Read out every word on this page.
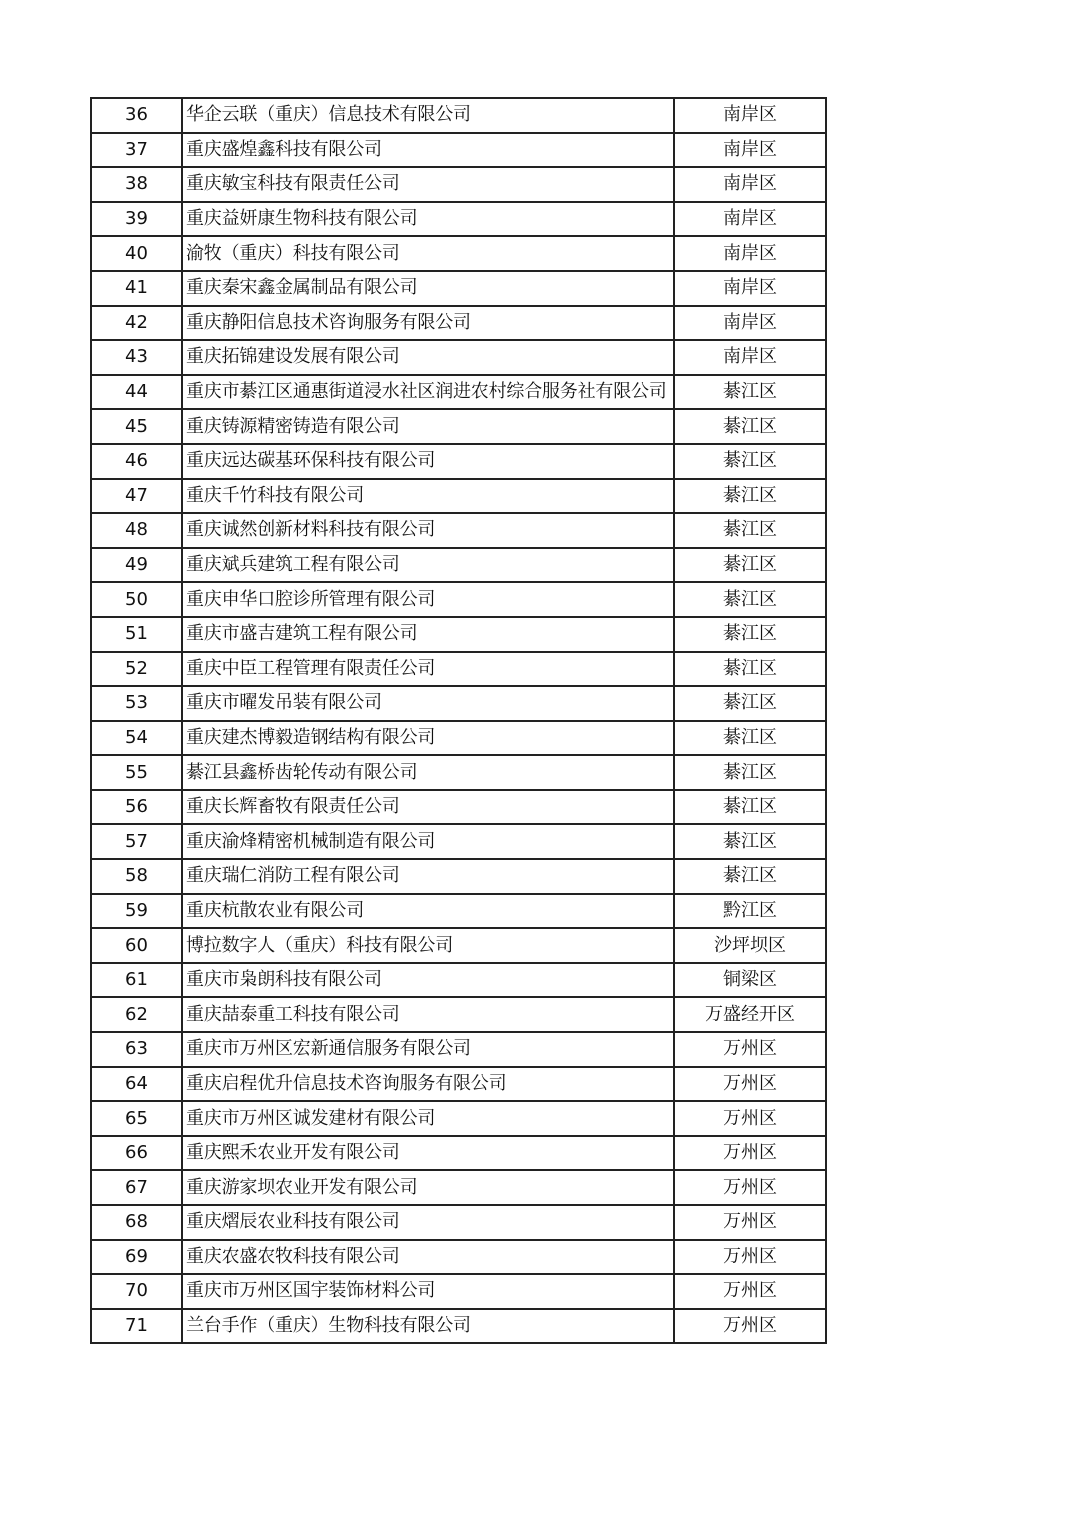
36	华企云联（重庆）信息技术有限公司	南岸区
37	重庆盛煌鑫科技有限公司	南岸区
38	重庆敏宝科技有限责任公司	南岸区
39	重庆益妍康生物科技有限公司	南岸区
40	渝牧（重庆）科技有限公司	南岸区
41	重庆秦宋鑫金属制品有限公司	南岸区
42	重庆静阳信息技术咨询服务有限公司	南岸区
43	重庆拓锦建设发展有限公司	南岸区
44	重庆市綦江区通惠街道浸水社区润进农村综合服务社有限公司	綦江区
45	重庆铸源精密铸造有限公司	綦江区
46	重庆远达碳基环保科技有限公司	綦江区
47	重庆千竹科技有限公司	綦江区
48	重庆诚然创新材料科技有限公司	綦江区
49	重庆斌兵建筑工程有限公司	綦江区
50	重庆申华口腔诊所管理有限公司	綦江区
51	重庆市盛吉建筑工程有限公司	綦江区
52	重庆中臣工程管理有限责任公司	綦江区
53	重庆市曜发吊装有限公司	綦江区
54	重庆建杰博毅造钢结构有限公司	綦江区
55	綦江县鑫桥齿轮传动有限公司	綦江区
56	重庆长辉畜牧有限责任公司	綦江区
57	重庆渝烽精密机械制造有限公司	綦江区
58	重庆瑞仁消防工程有限公司	綦江区
59	重庆杭散农业有限公司	黔江区
60	博拉数字人（重庆）科技有限公司	沙坪坝区
61	重庆市枭朗科技有限公司	铜梁区
62	重庆喆泰重工科技有限公司	万盛经开区
63	重庆市万州区宏新通信服务有限公司	万州区
64	重庆启程优升信息技术咨询服务有限公司	万州区
65	重庆市万州区诚发建材有限公司	万州区
66	重庆熙禾农业开发有限公司	万州区
67	重庆游家坝农业开发有限公司	万州区
68	重庆熠辰农业科技有限公司	万州区
69	重庆农盛农牧科技有限公司	万州区
70	重庆市万州区国宇装饰材料公司	万州区
71	兰台手作（重庆）生物科技有限公司	万州区
